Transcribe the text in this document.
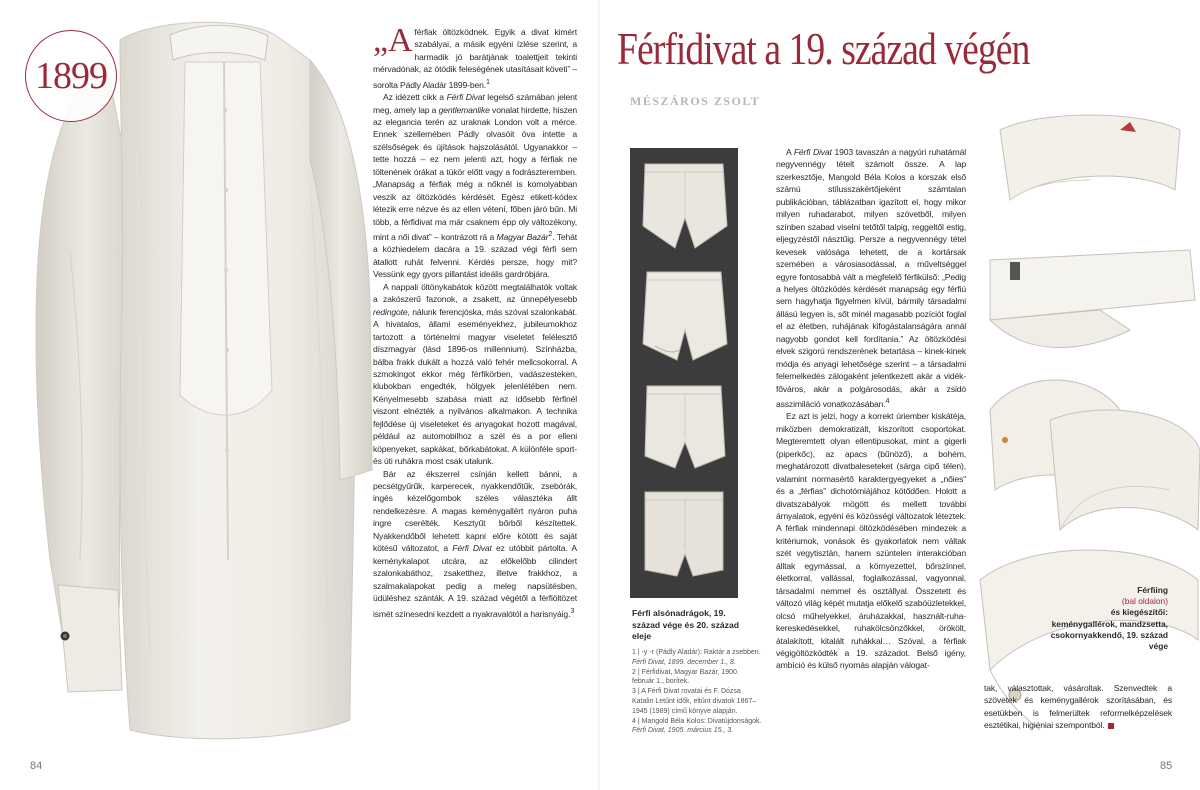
1899

„Aférfiak öltözködnek. Egyik a divat kimért szabályai, a másik egyéni ízlése szerint, a harmadik jó barátjának toalettjeit tekinti mérvadónak, az ötödik feleségének utasításait követi” – sorolta Pádly Aladár 1899-ben.$^1$

Az idézett cikk a Férfi Divat legelső számában jelent meg, amely lap a gentlemanlike vonalat hirdette, hiszen az elegancia terén az uraknak London volt a mérce. Ennek szellemében Pádly olvasóit óva intette a szélsőségek és újítások hajszolásától. Ugyanakkor – tette hozzá – ez nem jelenti azt, hogy a férfiak ne töltenének órákat a tükör előtt vagy a fodrászteremben. „Manapság a férfiak még a nőknél is komolyabban veszik az öltözködés kérdését. Egész etikett-kódex létezik erre nézve és az ellen vétení, főben járó bűn. Mi több, a férfidivat ma már csaknem épp oly változékony, mint a női divat” – kontrázott rá a Magyar Bazár$^2$. Tehát a közhiedelem dacára a 19. század végi férfi sem átallott ruhát felvenni. Kérdés persze, hogy mit? Vessünk egy gyors pillantást ideális gardróbjára.

A nappali öltönykabátok között megtalálhatók voltak a zakószerű fazonok, a zsakett, az ünnepélyesebb redingote, nálunk ferencjóska, más szóval szalonkabát. A hivatalos, állami eseményekhez, jubileumokhoz tartozott a történelmi magyar viseletet felélesztő díszmagyar (lásd 1896-os millennium). Színházba, bálba frakk dukált a hozzá való fehér mellcsokorral. A szmokingot ekkor még férfikörben, vadászesteken, klubokban engedték, hölgyek jelenlétében nem. Kényelmesebb szabása miatt az idősebb férfinél viszont elnézték a nyilvános alkalmakon. A technika fejlődése új viseleteket és anyagokat hozott magával, például az automobilhoz a szél és a por elleni köpenyeket, sapkákat, bőrkabátokat. A különféle sport- és úti ruhákra most csak utalunk.

Bár az ékszerrel csínján kellett bánni, a pecsétgyűrűk, karperecek, nyakkendőtűk, zsebórák, ingés kézelőgombok széles választéka állt rendelkezésre. A magas keménygallért nyáron puha ingre cserélték. Kesztyűt bőrből készítettek. Nyakkendőből lehetett kapni előre kötött és saját kötésű változatot, a Férfi Divat ez utóbbit pártolta. A keménykalapot utcára, az előkelőbb cilindert szalonkabáthoz, zsaketthez, illetve frakkhoz, a szalmakalapokat pedig a meleg napsütésben, üdüléshez szánták. A 19. század végétől a férfiöltözet ismét színesedni kezdett a nyakravalótól a harisnyáig.$^3$

84
Férfidivat a 19. század végén
MÉSZÁROS ZSOLT
Férfi alsónadrágok, 19. század vége és 20. század eleje
1 | -y -r (Pádly Aladár): Raktár a zsebben.
Férfi Divat, 1899. december 1., 8.
2 | Férfidivat, Magyar Bazár, 1900. február 1., borítek.
3 | A Férfi Divat rovatai és F. Dózsa Katalin Letűnt idők, eltűnt divatok 1867–1945 (1989) című könyve alapján.
4 | Mangold Béla Kolos: Divatújdonságok.
Férfi Divat, 1905. március 15., 3.

A Férfi Divat 1903 tavaszán a nagyúri ruhatárnál negyvennégy tételt számolt össze. A lap szerkesztője, Mangold Béla Kolos a korszak első számú stílusszakértőjeként számtalan publikációban, táblázatban igazított el, hogy mikor milyen ruhadarabot, milyen szövetből, milyen színben szabad viselni tetőtől talpig, reggeltől estig, eljegyzéstől násztűig. Persze a negyvennégy tétel kevesek valósága lehetett, de a kortársak szemében a városiasodással, a műveltséggel egyre fontosabbá vált a megfelelő férfikülső: „Pedig a helyes öltözködés kérdését manapság egy férfiú sem hagyhatja figyelmen kívül, bármily társadalmi állású legyen is, sőt minél magasabb pozíciót foglal el az életben, ruhájának kifogástalanságára annál nagyobb gondot kell fordítania.” Az öltözködési elvek szigorú rendszerének betartása – kinek-kinek módja és anyagi lehetősége szerint – a társadalmi felemelkedés zálogaként jelentkezett akár a vidék-főváros, akár a polgárosodás, akár a zsidó asszimiláció vonatkozásában.$^4$

Ez azt is jelzi, hogy a korrekt úriember kiskátéja, miközben demokratizált, kiszorított csoportokat. Megteremtett olyan ellentipusokat, mint a gigerli (piperkőc), az apacs (bűnöző), a bohém, meghatározott divatbaleseteket (sárga cipő télen), valamint normasértő karaktergyegyeket a „nőies” és a „férfias” dichotómiájához kötődően. Holott a divatszabályok mögött és mellett további árnyalatok, egyéni és közösségi változatok léteztek. A férfiak mindennapi öltözködésében mindezek a kritériumok, vonások és gyakorlatok nem váltak szét vegytisztán, hanem szüntelen interakcióban álltak egymással, a környezettel, bőrszínnel, életkorral, vallással, foglalkozással, vagyonnal, társadalmi nemmel és osztállyal. Összetett és változó világ képét mutatja előkelő szabóüzletekkel, olcsó műhelyekkel, áruházakkal, használt-ruha-kereskedésekkel, ruhakölcsönzőkkel, örökölt, átalakított, kitalált ruhákkal… Szóval, a férfiak végigöltözködték a 19. századot. Belső igény, ambíció és külső nyomás alapján válogat-

Férfiing
(bal oldalon)
és kiegészítői:
keménygallérok, mandzsetta, csokornyakkendő, 19. század vége

tak, választottak, vásároltak. Szenvedtek a szövetek és keménygallérok szorításában, és esetükben is felmerültek reformelképzelések esztétikai, higiéniai szempontból.

85
